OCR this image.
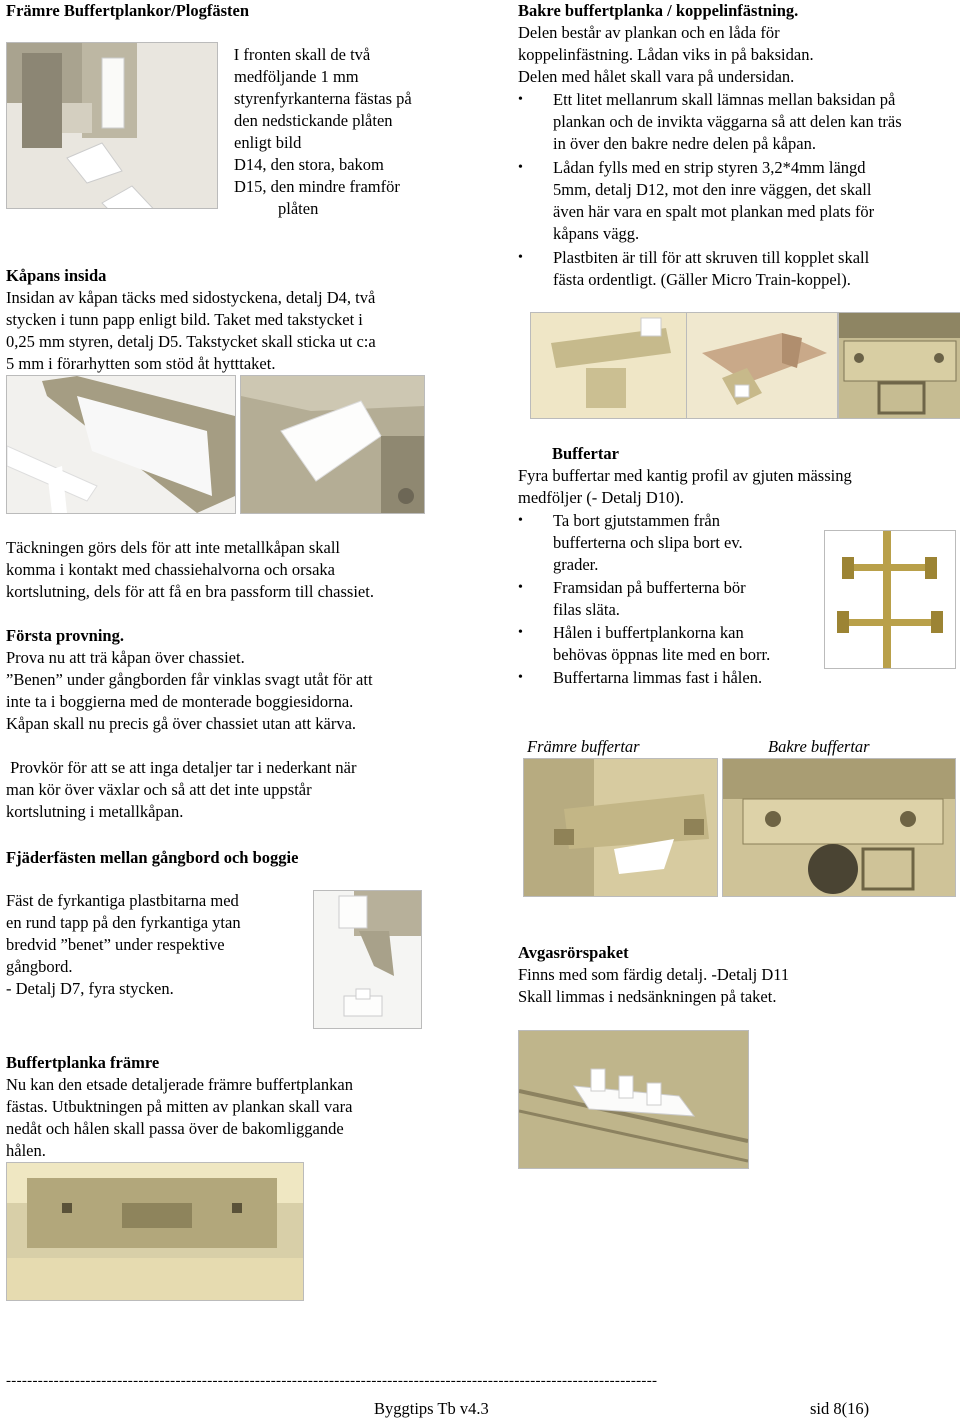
Främre Buffertplankor/Plogfästen

I fronten skall de två

medföljande 1 mm

styrenfyrkanterna fästas på

den nedstickande plåten

enligt bild

D14, den stora, bakom

D15, den mindre framför

plåten

Kåpans insida

Insidan av kåpan täcks med sidostyckena, detalj D4, två

stycken i tunn papp enligt bild. Taket med takstycket i

0,25 mm styren, detalj D5. Takstycket skall sticka ut c:a

5 mm i förarhytten som stöd åt hytttaket.

Täckningen görs dels för att inte metallkåpan skall

komma i kontakt med chassiehalvorna och orsaka

kortslutning, dels för att få en bra passform till chassiet.

Första provning.

Prova nu att trä kåpan över chassiet.

”Benen” under gångborden får vinklas svagt utåt för att

inte ta i boggierna med de monterade boggiesidorna.

Kåpan skall nu precis gå över chassiet utan att kärva.

Provkör för att se att inga detaljer tar i nederkant när

man kör över växlar och så att det inte uppstår

kortslutning i metallkåpan.

Fjäderfästen mellan gångbord och boggie

Fäst de fyrkantiga plastbitarna med

en rund tapp på den fyrkantiga ytan

bredvid ”benet” under respektive

gångbord.

- Detalj D7, fyra stycken.

Buffertplanka främre

Nu kan den etsade detaljerade främre buffertplankan

fästas. Utbuktningen på mitten av plankan skall vara

nedåt och hålen skall passa över de bakomliggande

hålen.

Bakre buffertplanka / koppelinfästning.

Delen består av plankan och en låda för

koppelinfästning. Lådan viks in på baksidan.

Delen med hålet skall vara på undersidan.

• Ett litet mellanrum skall lämnas mellan baksidan på

plankan och de invikta väggarna så att delen kan träs

in över den bakre nedre delen på kåpan.

• Lådan fylls med en strip styren 3,2*4mm längd

5mm, detalj D12, mot den inre väggen, det skall

även här vara en spalt mot plankan med plats för

kåpans vägg.

• Plastbiten är till för att skruven till kopplet skall

fästa ordentligt. (Gäller Micro Train-koppel).

Buffertar

Fyra buffertar med kantig profil av gjuten mässing

medföljer (- Detalj D10).

• Ta bort gjutstammen från

bufferterna och slipa bort ev.

grader.

• Framsidan på bufferterna bör

filas släta.

• Hålen i buffertplankorna kan

behövas öppnas lite med en borr.

• Buffertarna limmas fast i hålen.

Främre buffertar	Bakre buffertar
Avgasrörspaket

Finns med som färdig detalj. -Detalj D11

Skall limmas i nedsänkningen på taket.

---------------------------------------------------------------------------------------------------------------------------
Byggtips Tb v4.3	sid 8(16)
